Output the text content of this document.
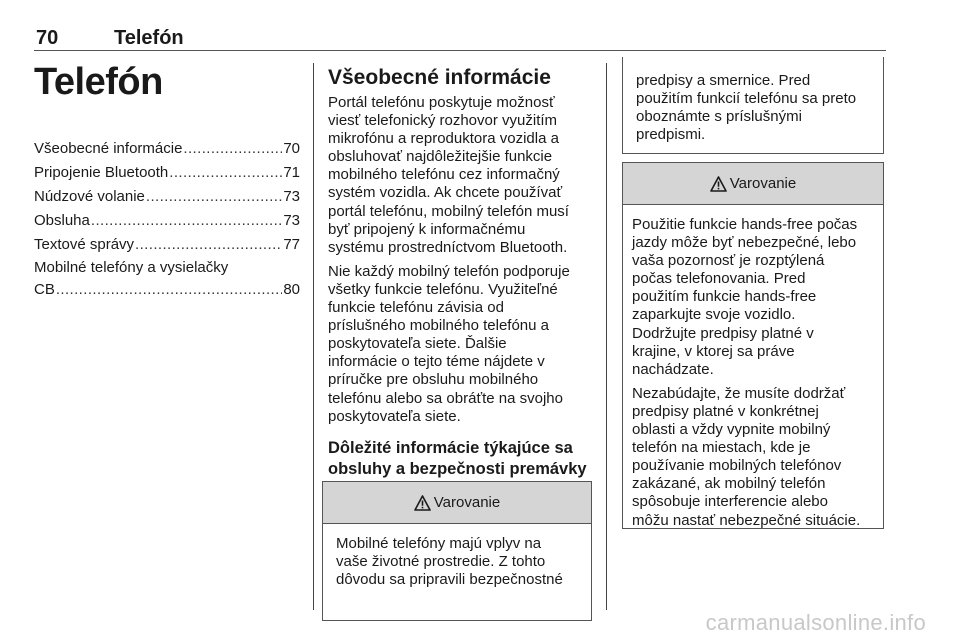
70	Telefón
Telefón
Všeobecné informácie .....	70
Pripojenie Bluetooth .....	71
Núdzové volanie .....	73
Obsluha .....	73
Textové správy .....	77
Mobilné telefóny a vysielačky
CB .....	80
Všeobecné informácie
Portál telefónu poskytuje možnosť
viesť telefonický rozhovor využitím
mikrofónu a reproduktora vozidla a
obsluhovať najdôležitejšie funkcie
mobilného telefónu cez informačný
systém vozidla. Ak chcete používať
portál telefónu, mobilný telefón musí
byť pripojený k informačnému
systému prostredníctvom Bluetooth.
Nie každý mobilný telefón podporuje
všetky funkcie telefónu. Využiteľné
funkcie telefónu závisia od
príslušného mobilného telefónu a
poskytovateľa siete. Ďalšie
informácie o tejto téme nájdete v
príručke pre obsluhu mobilného
telefónu alebo sa obráťte na svojho
poskytovateľa siete.
Dôležité informácie týkajúce sa
obsluhy a bezpečnosti premávky
Varovanie
Mobilné telefóny majú vplyv na
vaše životné prostredie. Z tohto
dôvodu sa pripravili bezpečnostné
predpisy a smernice. Pred
použitím funkcií telefónu sa preto
oboznámte s príslušnými
predpismi.
Varovanie

Použitie funkcie hands-free počas
jazdy môže byť nebezpečné, lebo
vaša pozornosť je rozptýlená
počas telefonovania. Pred
použitím funkcie hands-free
zaparkujte svoje vozidlo.
Dodržujte predpisy platné v
krajine, v ktorej sa práve
nachádzate.

Nezabúdajte, že musíte dodržať
predpisy platné v konkrétnej
oblasti a vždy vypnite mobilný
telefón na miestach, kde je
používanie mobilných telefónov
zakázané, ak mobilný telefón
spôsobuje interferencie alebo
môžu nastať nebezpečné situácie.

carmanualsonline.info
